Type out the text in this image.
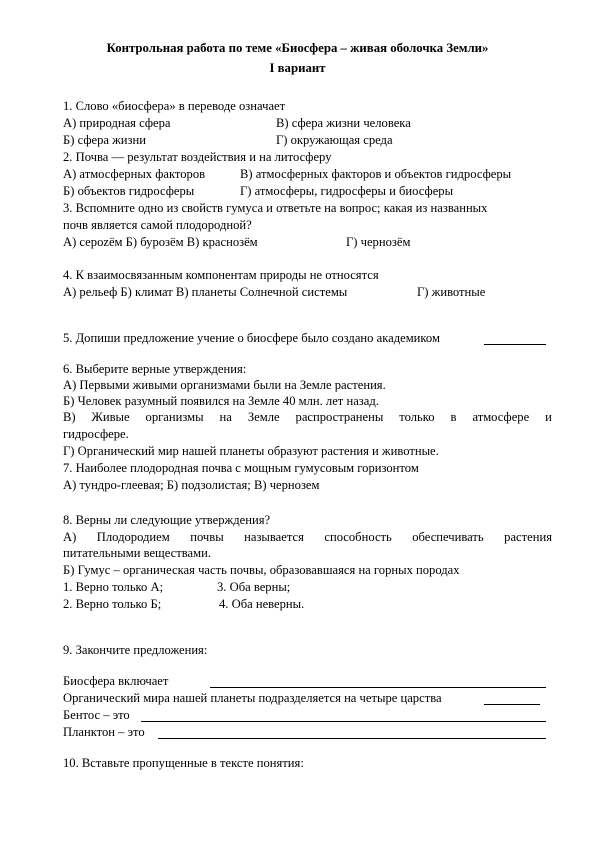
Контрольная работа по теме «Биосфера – живая оболочка Земли»
I вариант
1. Слово «биосфера» в переводе означает
А) природная сфера	В) сфера жизни человека
Б) сфера жизни	Г) окружающая среда
2. Почва — результат воздействия и на литосферу
А) атмосферных факторов	В) атмосферных факторов и объектов гидросферы
Б) объектов гидросферы	Г) атмосферы, гидросферы и биосферы
3. Вспомните одно из свойств гумуса и ответьте на вопрос; какая из названных
почв является самой плодородной?
А) сероzём Б) бурозём В) краснозём	Г) чернозём
4. К взаимосвязанным компонентам природы не относятся
А) рельеф Б) климат В) планеты Солнечной системы	Г) животные
5. Допиши предложение учение о биосфере было создано академиком
6. Выберите верные утверждения:
А) Первыми живыми организмами были на Земле растения.
Б) Человек разумный появился на Земле 40 млн. лет назад.
В) Живые организмы на Земле распространены только в атмосфере и
гидросфере.
Г) Органический мир нашей планеты образуют растения и животные.
7. Наиболее плодородная почва с мощным гумусовым горизонтом
А) тундро-глеевая; Б) подзолистая; В) чернозем
8. Верны ли следующие утверждения?
А) Плодородием почвы называется способность обеспечивать растения
питательными веществами.
Б) Гумус – органическая часть почвы, образовавшаяся на горных породах
1. Верно только А;	3. Оба верны;
2. Верно только Б;	4. Оба неверны.
9. Закончите предложения:
Биосфера включает
Органический мира нашей планеты подразделяется на четыре царства
Бентос – это
Планктон – это
10. Вставьте пропущенные в тексте понятия:
